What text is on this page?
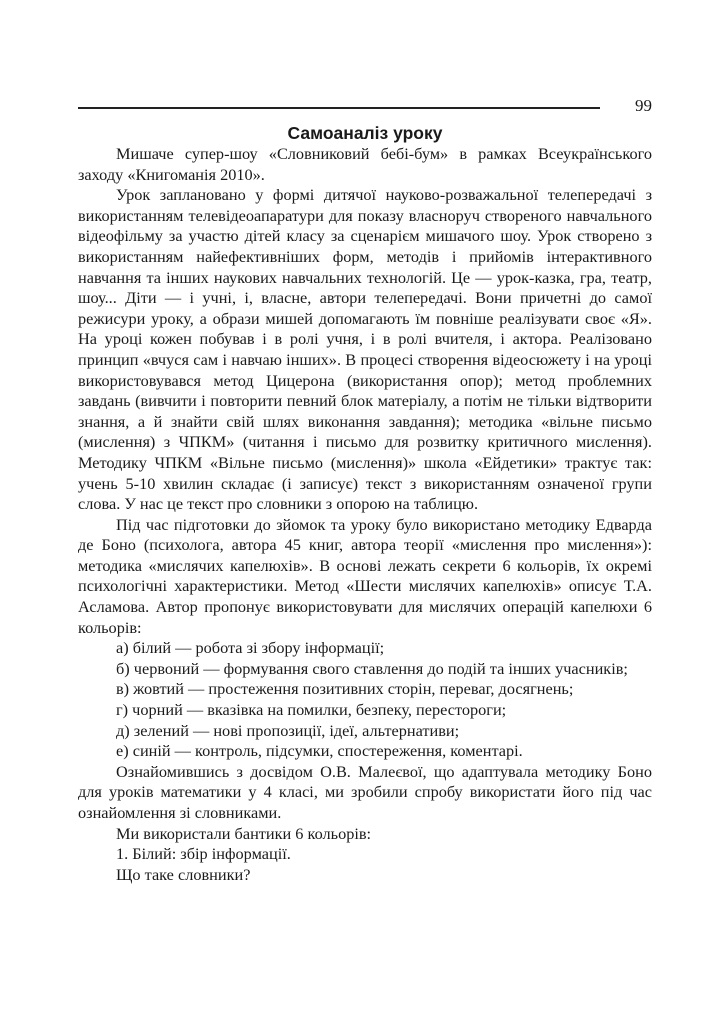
99
Самоаналіз уроку

Мишаче супер-шоу «Словниковий бебі-бум» в рамках Всеукраїнського заходу «Книгоманія 2010».

Урок заплановано у формі дитячої науково-розважальної телепередачі з використанням телевідеоапаратури для показу власноруч створеного навчального відеофільму за участю дітей класу за сценарієм мишачого шоу. Урок створено з використанням найефективніших форм, методів і прийомів інтерактивного навчання та інших наукових навчальних технологій. Це — урок-казка, гра, театр, шоу... Діти — і учні, і, власне, автори телепередачі. Вони причетні до самої режисури уроку, а образи мишей допомагають їм повніше реалізувати своє «Я». На уроці кожен побував і в ролі учня, і в ролі вчителя, і актора. Реалізовано принцип «вчуся сам і навчаю інших». В процесі створення відеосюжету і на уроці використовувався метод Цицерона (використання опор); метод проблемних завдань (вивчити і повторити певний блок матеріалу, а потім не тільки відтворити знання, а й знайти свій шлях виконання завдання); методика «вільне письмо (мислення) з ЧПКМ» (читання і письмо для розвитку критичного мислення). Методику ЧПКМ «Вільне письмо (мислення)» школа «Ейдетики» трактує так: учень 5-10 хвилин складає (і записує) текст з використанням означеної групи слова. У нас це текст про словники з опорою на таблицю.

Під час підготовки до зйомок та уроку було використано методику Едварда де Боно (психолога, автора 45 книг, автора теорії «мислення про мислення»): методика «мислячих капелюхів». В основі лежать секрети 6 кольорів, їх окремі психологічні характеристики. Метод «Шести мислячих капелюхів» описує Т.А. Асламова. Автор пропонує використовувати для мислячих операцій капелюхи 6 кольорів:

а) білий — робота зі збору інформації;
б) червоний — формування свого ставлення до подій та інших учасників;
в) жовтий — простеження позитивних сторін, переваг, досягнень;
г) чорний — вказівка на помилки, безпеку, перестороги;
д) зелений — нові пропозиції, ідеї, альтернативи;
е) синій — контроль, підсумки, спостереження, коментарі.

Ознайомившись з досвідом О.В. Малеєвої, що адаптувала методику Боно для уроків математики у 4 класі, ми зробили спробу використати його під час ознайомлення зі словниками.

Ми використали бантики 6 кольорів:

1. Білий: збір інформації.

Що таке словники?
